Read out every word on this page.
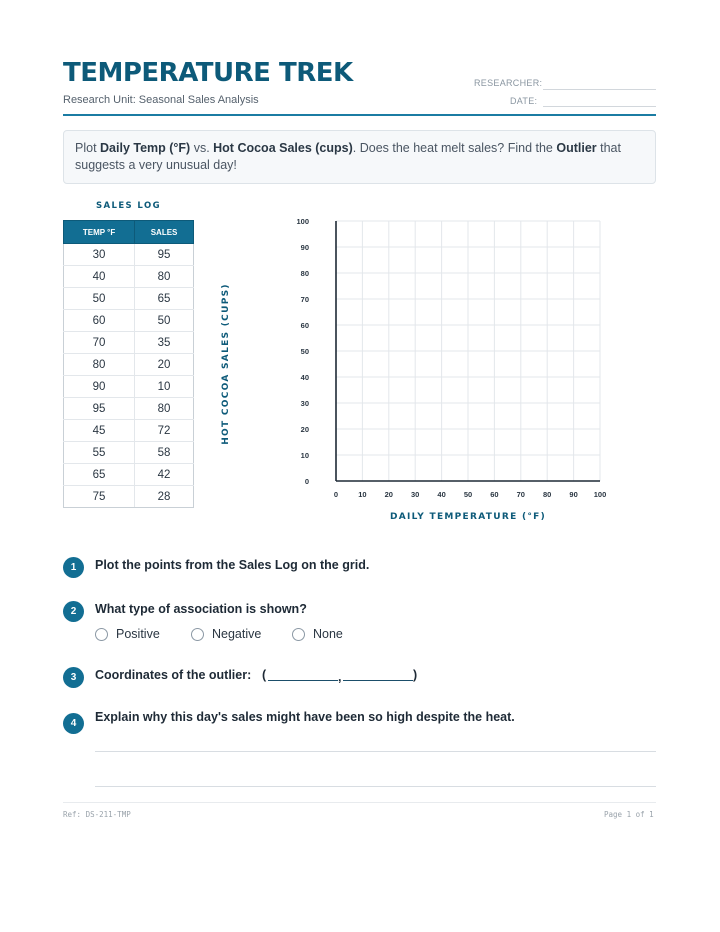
TEMPERATURE TREK
Research Unit: Seasonal Sales Analysis
RESEARCHER:
DATE:
Plot Daily Temp (°F) vs. Hot Cocoa Sales (cups). Does the heat melt sales? Find the Outlier that suggests a very unusual day!
SALES LOG
TEMP °F	SALES
30	95
40	80
50	65
60	50
70	35
80	20
90	10
95	80
45	72
55	58
65	42
75	28
HOT COCOA SALES (CUPS)
0
10
20
30
40
50
60
70
80
90
100
0	10 20 30 40 50 60 70 80 90 100
DAILY TEMPERATURE (°F)
1	Plot the points from the Sales Log on the grid.
2	What type of association is shown?
Positive	Negative	None
3	Coordinates of the outlier: (	,	)
4	Explain why this day's sales might have been so high despite the heat.
Ref: DS-211-TMP	Page 1 of 1
